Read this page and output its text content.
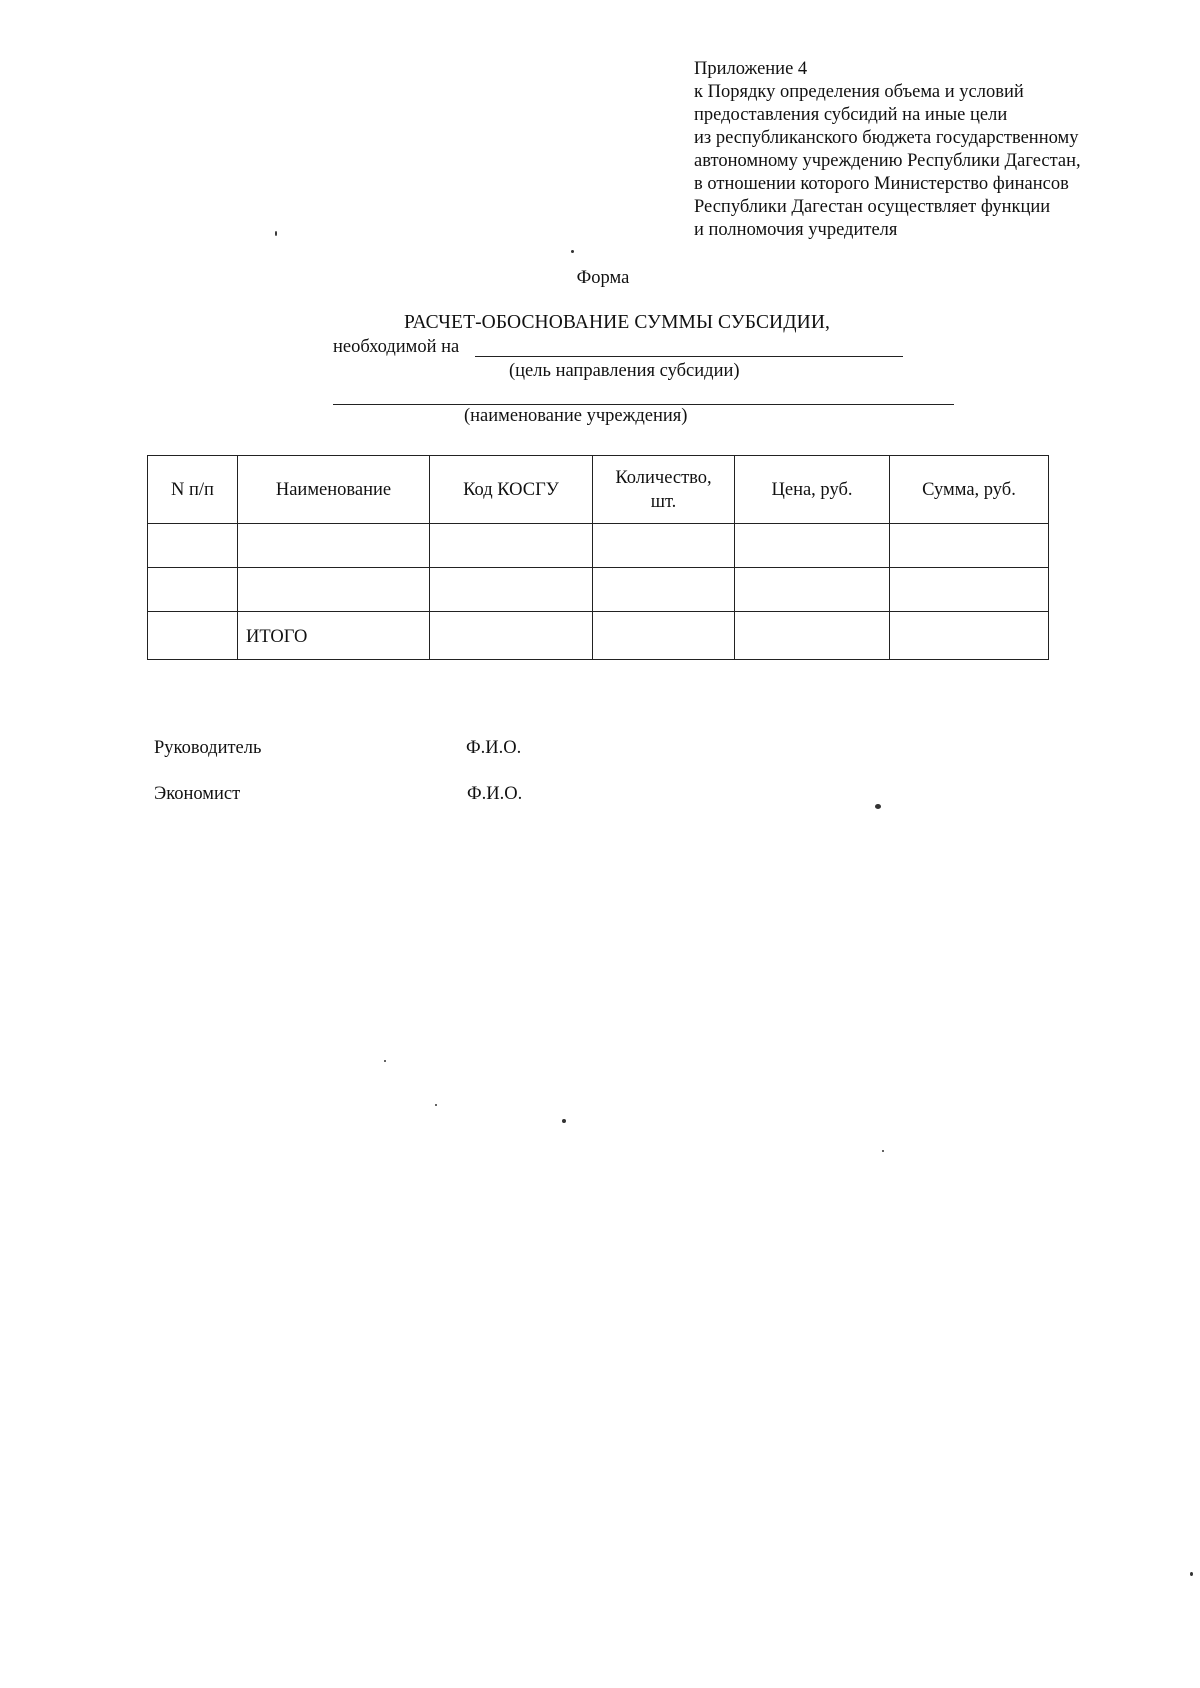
Приложение 4
к Порядку определения объема и условий
предоставления субсидий на иные цели
из республиканского бюджета государственному
автономному учреждению Республики Дагестан,
в отношении которого Министерство финансов
Республики Дагестан осуществляет функции
и полномочия учредителя
Форма
РАСЧЕТ-ОБОСНОВАНИЕ СУММЫ СУБСИДИИ,
необходимой на
(цель направления субсидии)
(наименование учреждения)
N п/п	Наименование	Код КОСГУ	Количество, шт.	Цена, руб.	Сумма, руб.

	ИТОГО				
Руководитель	Ф.И.О.
Экономист	Ф.И.О.
